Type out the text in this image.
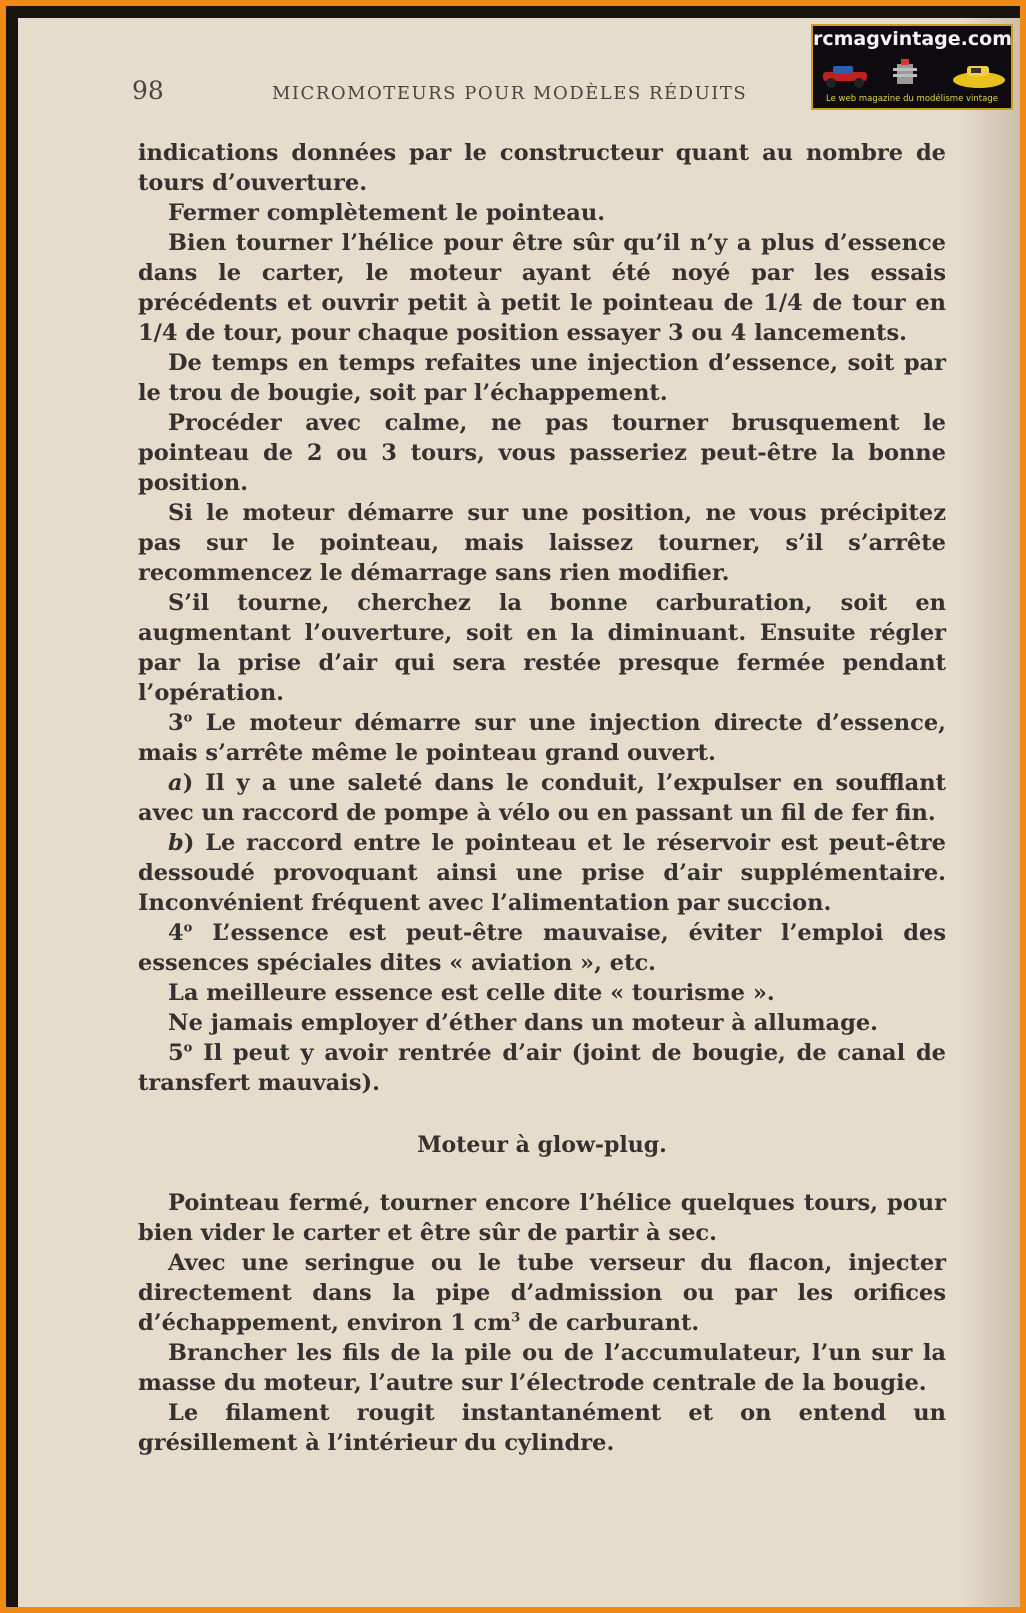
98	MICROMOTEURS POUR MODÈLES RÉDUITS
rcmagvintage.com
Le web magazine du modélisme vintage

indications données par le constructeur quant au nombre de tours d’ouverture.

Fermer complètement le pointeau.

Bien tourner l’hélice pour être sûr qu’il n’y a plus d’essence dans le carter, le moteur ayant été noyé par les essais précédents et ouvrir petit à petit le pointeau de 1/4 de tour en 1/4 de tour, pour chaque position essayer 3 ou 4 lancements.

De temps en temps refaites une injection d’essence, soit par le trou de bougie, soit par l’échappement.

Procéder avec calme, ne pas tourner brusquement le pointeau de 2 ou 3 tours, vous passeriez peut-être la bonne position.

Si le moteur démarre sur une position, ne vous précipitez pas sur le pointeau, mais laissez tourner, s’il s’arrête recommencez le démarrage sans rien modifier.

S’il tourne, cherchez la bonne carburation, soit en augmentant l’ouverture, soit en la diminuant. Ensuite régler par la prise d’air qui sera restée presque fermée pendant l’opération.

3$^o$ Le moteur démarre sur une injection directe d’essence, mais s’arrête même le pointeau grand ouvert.

a) Il y a une saleté dans le conduit, l’expulser en soufflant avec un raccord de pompe à vélo ou en passant un fil de fer fin.

b) Le raccord entre le pointeau et le réservoir est peut-être dessoudé provoquant ainsi une prise d’air supplémentaire. Inconvénient fréquent avec l’alimentation par succion.

4$^o$ L’essence est peut-être mauvaise, éviter l’emploi des essences spéciales dites « aviation », etc.

La meilleure essence est celle dite « tourisme ».

Ne jamais employer d’éther dans un moteur à allumage.

5$^o$ Il peut y avoir rentrée d’air (joint de bougie, de canal de transfert mauvais).

Moteur à glow-plug.

Pointeau fermé, tourner encore l’hélice quelques tours, pour bien vider le carter et être sûr de partir à sec.

Avec une seringue ou le tube verseur du flacon, injecter directement dans la pipe d’admission ou par les orifices d’échappement, environ 1 $cm^3$ de carburant.

Brancher les fils de la pile ou de l’accumulateur, l’un sur la masse du moteur, l’autre sur l’électrode centrale de la bougie.

Le filament rougit instantanément et on entend un grésillement à l’intérieur du cylindre.
